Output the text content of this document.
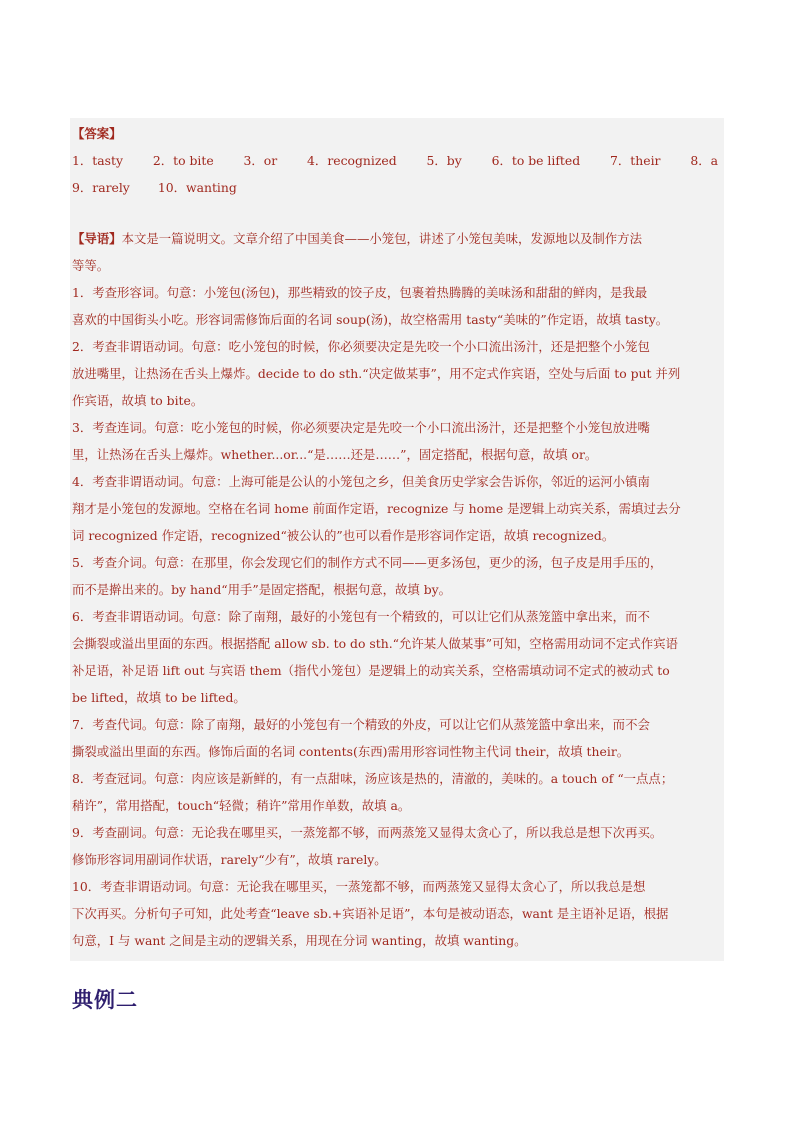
【答案】
1．tasty 2．to bite 3．or 4．recognized 5．by 6．to be lifted 7．their 8．a
9．rarely 10．wanting
【导语】本文是一篇说明文。文章介绍了中国美食——小笼包，讲述了小笼包美味，发源地以及制作方法
等等。
1．考查形容词。句意：小笼包(汤包)，那些精致的饺子皮，包裹着热腾腾的美味汤和甜甜的鲜肉，是我最
喜欢的中国街头小吃。形容词需修饰后面的名词 soup(汤)，故空格需用 tasty“美味的”作定语，故填 tasty。
2．考查非谓语动词。句意：吃小笼包的时候，你必须要决定是先咬一个小口流出汤汁，还是把整个小笼包
放进嘴里，让热汤在舌头上爆炸。decide to do sth.“决定做某事”，用不定式作宾语，空处与后面 to put 并列
作宾语，故填 to bite。
3．考查连词。句意：吃小笼包的时候，你必须要决定是先咬一个小口流出汤汁，还是把整个小笼包放进嘴
里，让热汤在舌头上爆炸。whether...or...“是……还是……”，固定搭配，根据句意，故填 or。
4．考查非谓语动词。句意：上海可能是公认的小笼包之乡，但美食历史学家会告诉你，邻近的运河小镇南
翔才是小笼包的发源地。空格在名词 home 前面作定语，recognize 与 home 是逻辑上动宾关系，需填过去分
词 recognized 作定语，recognized“被公认的”也可以看作是形容词作定语，故填 recognized。
5．考查介词。句意：在那里，你会发现它们的制作方式不同——更多汤包，更少的汤，包子皮是用手压的，
而不是擀出来的。by hand“用手”是固定搭配，根据句意，故填 by。
6．考查非谓语动词。句意：除了南翔，最好的小笼包有一个精致的，可以让它们从蒸笼篮中拿出来，而不
会撕裂或溢出里面的东西。根据搭配 allow sb. to do sth.“允许某人做某事”可知，空格需用动词不定式作宾语
补足语，补足语 lift out 与宾语 them（指代小笼包）是逻辑上的动宾关系，空格需填动词不定式的被动式 to
be lifted，故填 to be lifted。
7．考查代词。句意：除了南翔，最好的小笼包有一个精致的外皮，可以让它们从蒸笼篮中拿出来，而不会
撕裂或溢出里面的东西。修饰后面的名词 contents(东西)需用形容词性物主代词 their，故填 their。
8．考查冠词。句意：肉应该是新鲜的，有一点甜味，汤应该是热的，清澈的，美味的。a touch of “一点点；
稍许”，常用搭配，touch“轻微；稍许”常用作单数，故填 a。
9．考查副词。句意：无论我在哪里买，一蒸笼都不够，而两蒸笼又显得太贪心了，所以我总是想下次再买。
修饰形容词用副词作状语，rarely“少有”，故填 rarely。
10．考查非谓语动词。句意：无论我在哪里买，一蒸笼都不够，而两蒸笼又显得太贪心了，所以我总是想
下次再买。分析句子可知，此处考查“leave sb.+宾语补足语”，本句是被动语态，want 是主语补足语，根据
句意，I 与 want 之间是主动的逻辑关系，用现在分词 wanting，故填 wanting。
典例二
